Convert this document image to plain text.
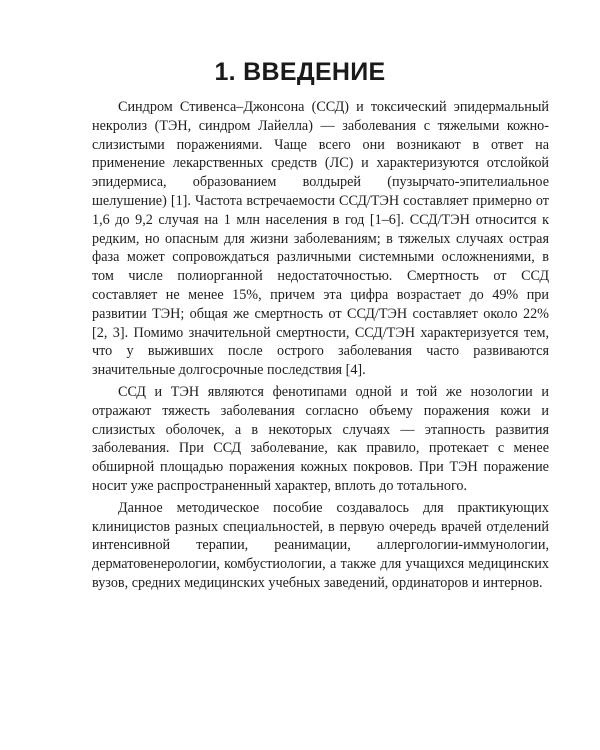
1. ВВЕДЕНИЕ

Синдром Стивенса–Джонсона (ССД) и токсический эпидермальный некролиз (ТЭН, синдром Лайелла) — заболевания с тяжелыми кожно-слизистыми поражениями. Чаще всего они возникают в ответ на применение лекарственных средств (ЛС) и характеризуются отслойкой эпидермиса, образованием волдырей (пузырчато-эпителиальное шелушение) [1]. Частота встречаемости ССД/ТЭН составляет примерно от 1,6 до 9,2 случая на 1 млн населения в год [1–6]. ССД/ТЭН относится к редким, но опасным для жизни заболеваниям; в тяжелых случаях острая фаза может сопровождаться различными системными осложнениями, в том числе полиорганной недостаточностью. Смертность от ССД составляет не менее 15%, причем эта цифра возрастает до 49% при развитии ТЭН; общая же смертность от ССД/ТЭН составляет около 22% [2, 3]. Помимо значительной смертности, ССД/ТЭН характеризуется тем, что у выживших после острого заболевания часто развиваются значительные долгосрочные последствия [4].

ССД и ТЭН являются фенотипами одной и той же нозологии и отражают тяжесть заболевания согласно объему поражения кожи и слизистых оболочек, а в некоторых случаях — этапность развития заболевания. При ССД заболевание, как правило, протекает с менее обширной площадью поражения кожных покровов. При ТЭН поражение носит уже распространенный характер, вплоть до тотального.

Данное методическое пособие создавалось для практикующих клиницистов разных специальностей, в первую очередь врачей отделений интенсивной терапии, реанимации, аллергологии-иммунологии, дерматовенерологии, комбустиологии, а также для учащихся медицинских вузов, средних медицинских учебных заведений, ординаторов и интернов.
